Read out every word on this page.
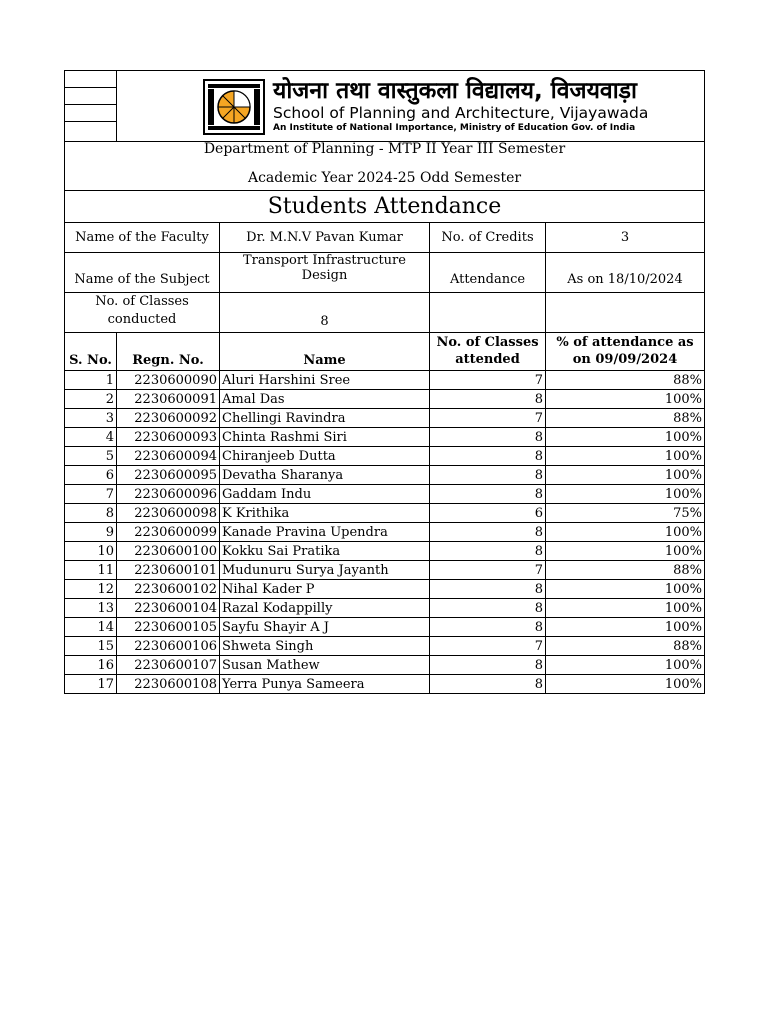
	योजना तथा वास्तुकला विद्यालय, विजयवाड़ा
School of Planning and Architecture, Vijayawada
An Institute of National Importance, Ministry of Education Gov. of India			

Department of Planning - MTP II Year III Semester
Academic Year 2024-25 Odd Semester				

Students Attendance				
Name of the Faculty		Dr. M.N.V Pavan Kumar	No. of Credits	3
Name of the Subject		Transport Infrastructure Design	Attendance	As on 18/10/2024
No. of Classes conducted		8		
S. No.	Regn. No.	Name	No. of Classes attended	% of attendance as on 09/09/2024
1	2230600090	Aluri Harshini Sree	7	88%
2	2230600091	Amal Das	8	100%
3	2230600092	Chellingi Ravindra	7	88%
4	2230600093	Chinta Rashmi Siri	8	100%
5	2230600094	Chiranjeeb Dutta	8	100%
6	2230600095	Devatha Sharanya	8	100%
7	2230600096	Gaddam Indu	8	100%
8	2230600098	K Krithika	6	75%
9	2230600099	Kanade Pravina Upendra	8	100%
10	2230600100	Kokku Sai Pratika	8	100%
11	2230600101	Mudunuru Surya Jayanth	7	88%
12	2230600102	Nihal Kader P	8	100%
13	2230600104	Razal Kodappilly	8	100%
14	2230600105	Sayfu Shayir A J	8	100%
15	2230600106	Shweta Singh	7	88%
16	2230600107	Susan Mathew	8	100%
17	2230600108	Yerra Punya Sameera	8	100%
